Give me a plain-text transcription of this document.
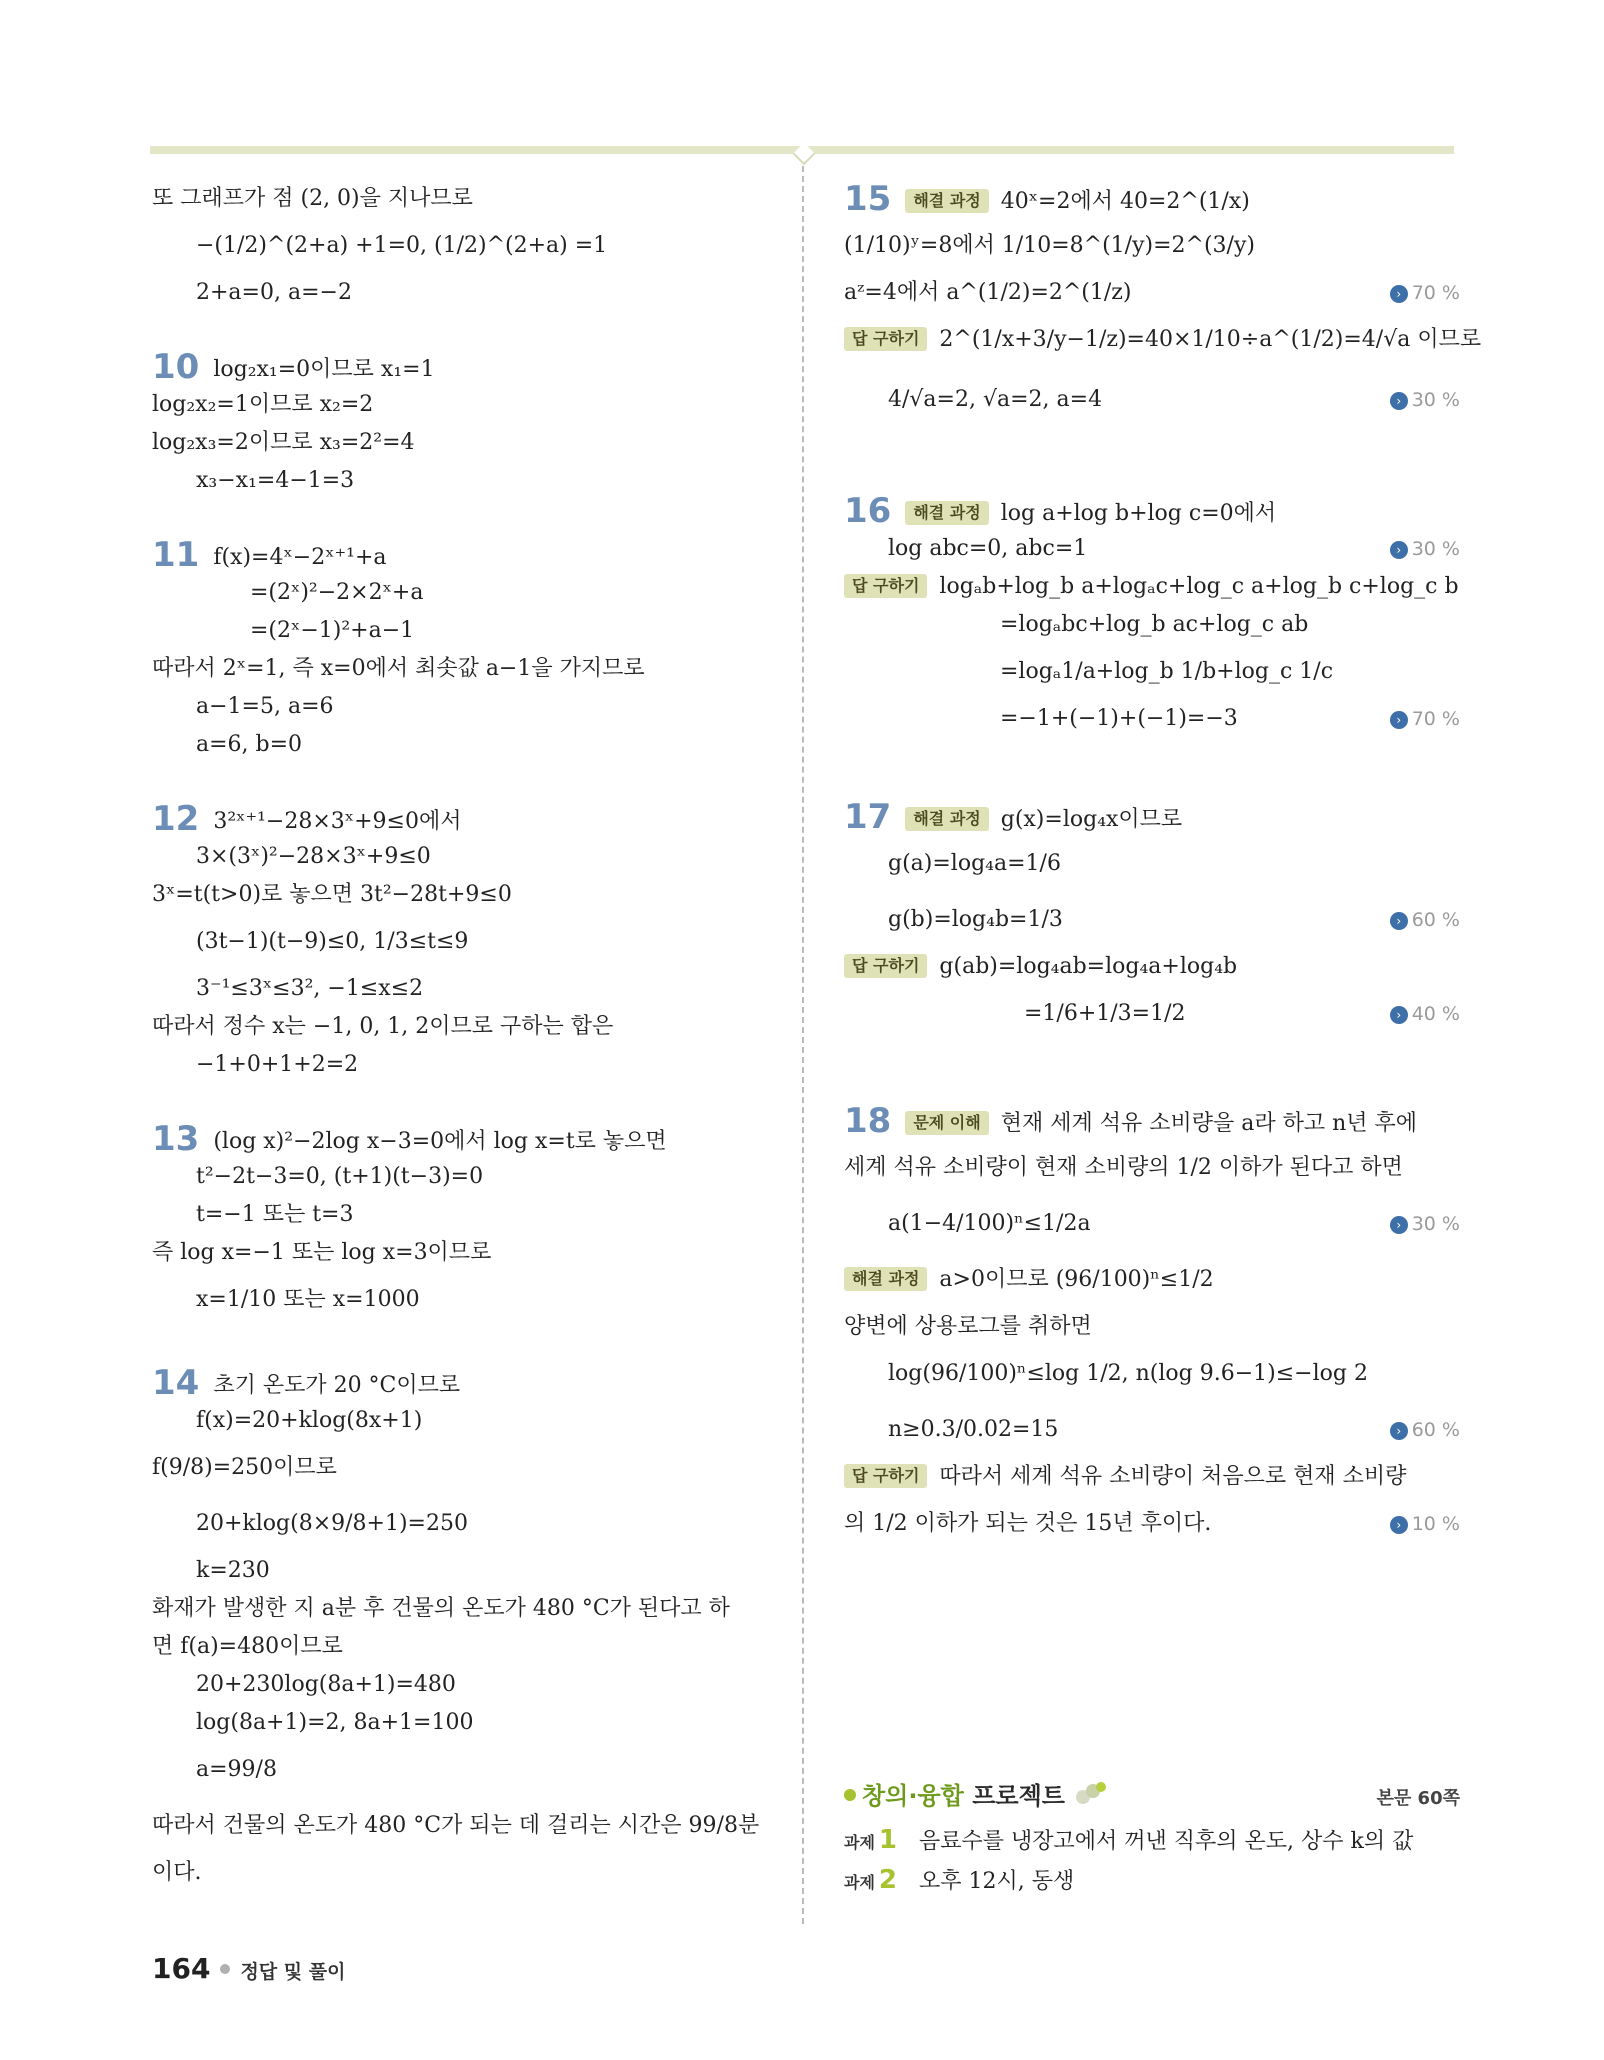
또 그래프가 점 (2, 0)을 지나므로
−(1/2)^(2+a) +1=0, (1/2)^(2+a) =1
2+a=0, a=−2
10 log₂x₁=0이므로 x₁=1
log₂x₂=1이므로 x₂=2
log₂x₃=2이므로 x₃=2²=4
x₃−x₁=4−1=3
11 f(x)=4ˣ−2ˣ⁺¹+a
=(2ˣ)²−2×2ˣ+a
=(2ˣ−1)²+a−1
따라서 2ˣ=1, 즉 x=0에서 최솟값 a−1을 가지므로
a−1=5, a=6
a=6, b=0
12 3²ˣ⁺¹−28×3ˣ+9≤0에서
3×(3ˣ)²−28×3ˣ+9≤0
3ˣ=t(t>0)로 놓으면 3t²−28t+9≤0
(3t−1)(t−9)≤0, 1/3≤t≤9
3⁻¹≤3ˣ≤3², −1≤x≤2
따라서 정수 x는 −1, 0, 1, 2이므로 구하는 합은
−1+0+1+2=2
13 (log x)²−2log x−3=0에서 log x=t로 놓으면
t²−2t−3=0, (t+1)(t−3)=0
t=−1 또는 t=3
즉 log x=−1 또는 log x=3이므로
x=1/10 또는 x=1000
14 초기 온도가 20 °C이므로
f(x)=20+klog(8x+1)
f(9/8)=250이므로
20+klog(8×9/8+1)=250
k=230
화재가 발생한 지 a분 후 건물의 온도가 480 °C가 된다고 하
면 f(a)=480이므로
20+230log(8a+1)=480
log(8a+1)=2, 8a+1=100
a=99/8
따라서 건물의 온도가 480 °C가 되는 데 걸리는 시간은 99/8분
이다.
15 해결 과정 40ˣ=2에서 40=2^(1/x)
(1/10)ʸ=8에서 1/10=8^(1/y)=2^(3/y)
aᶻ=4에서 a^(1/2)=2^(1/z)	› 70 %
답 구하기 2^(1/x+3/y−1/z)=40×1/10÷a^(1/2)=4/√a 이므로
4/√a=2, √a=2, a=4	› 30 %
16 해결 과정 log a+log b+log c=0에서
log abc=0, abc=1	› 30 %
답 구하기 logₐb+log_b a+logₐc+log_c a+log_b c+log_c b
=logₐbc+log_b ac+log_c ab
=logₐ1/a+log_b 1/b+log_c 1/c
=−1+(−1)+(−1)=−3	› 70 %
17 해결 과정 g(x)=log₄x이므로
g(a)=log₄a=1/6
g(b)=log₄b=1/3	› 60 %
답 구하기 g(ab)=log₄ab=log₄a+log₄b
=1/6+1/3=1/2	› 40 %
18 문제 이해 현재 세계 석유 소비량을 a라 하고 n년 후에
세계 석유 소비량이 현재 소비량의 1/2 이하가 된다고 하면
a(1−4/100)ⁿ≤1/2a	› 30 %
해결 과정 a>0이므로 (96/100)ⁿ≤1/2
양변에 상용로그를 취하면
log(96/100)ⁿ≤log 1/2, n(log 9.6−1)≤−log 2
n≥0.3/0.02=15	› 60 %
답 구하기 따라서 세계 석유 소비량이 처음으로 현재 소비량
의 1/2 이하가 되는 것은 15년 후이다.	› 10 %
창의·융합 프로젝트	본문 60쪽
과제 1 음료수를 냉장고에서 꺼낸 직후의 온도, 상수 k의 값
과제 2 오후 12시, 동생
164 정답 및 풀이
